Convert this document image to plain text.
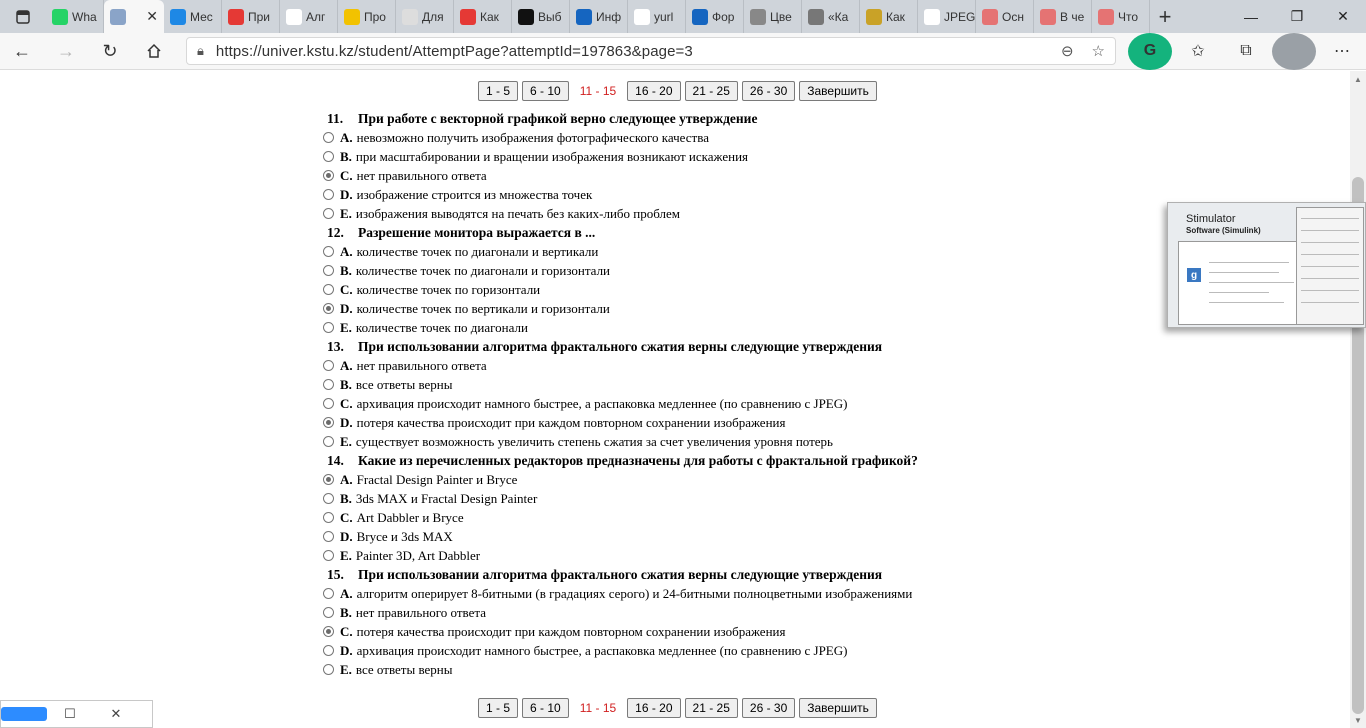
Wha	✕	Мес	При	Алг	Про	Для	Как	Выб	Инф	yurl	Фор	Цве	«Ка	Как	JPEG Осн	В че	Что +	—	❐	✕
← → ↻	🔒︎ https://univer.kstu.kz/student/AttemptPage?attemptId=197863&page=3	⊖ ☆	G	✩	⧉	⋯
1 - 5	6 - 10	11 - 15	16 - 20	21 - 25	26 - 30	Завершить
11.	При работе с векторной графикой верно следующее утверждение
A. невозможно получить изображения фотографического качества
B. при масштабировании и вращении изображения возникают искажения
C. нет правильного ответа
D. изображение строится из множества точек
E. изображения выводятся на печать без каких-либо проблем
12.	Разрешение монитора выражается в ...
A. количестве точек по диагонали и вертикали
B. количестве точек по диагонали и горизонтали
C. количестве точек по горизонтали
D. количестве точек по вертикали и горизонтали
E. количестве точек по диагонали
13.	При использовании алгоритма фрактального сжатия верны следующие утверждения
A. нет правильного ответа
B. все ответы верны
C. архивация происходит намного быстрее, а распаковка медленнее (по сравнению с JPEG)
D. потеря качества происходит при каждом повторном сохранении изображения
E. существует возможность увеличить степень сжатия за счет увеличения уровня потерь
14.	Какие из перечисленных редакторов предназначены для работы с фрактальной графикой?
A. Fractal Design Painter и Bryce
B. 3ds MAX и Fractal Design Painter
C. Art Dabbler и Bryce
D. Bryce и 3ds MAX
E. Painter 3D, Art Dabbler
15.	При использовании алгоритма фрактального сжатия верны следующие утверждения
A. алгоритм оперирует 8-битными (в градациях серого) и 24-битными полноцветными изображениями
B. нет правильного ответа
C. потеря качества происходит при каждом повторном сохранении изображения
D. архивация происходит намного быстрее, а распаковка медленнее (по сравнению с JPEG)
E. все ответы верны
1 - 5	6 - 10	11 - 15	16 - 20	21 - 25	26 - 30	Завершить
▲
▼
Stimulator
Software (Simulink)
g
☐	✕
